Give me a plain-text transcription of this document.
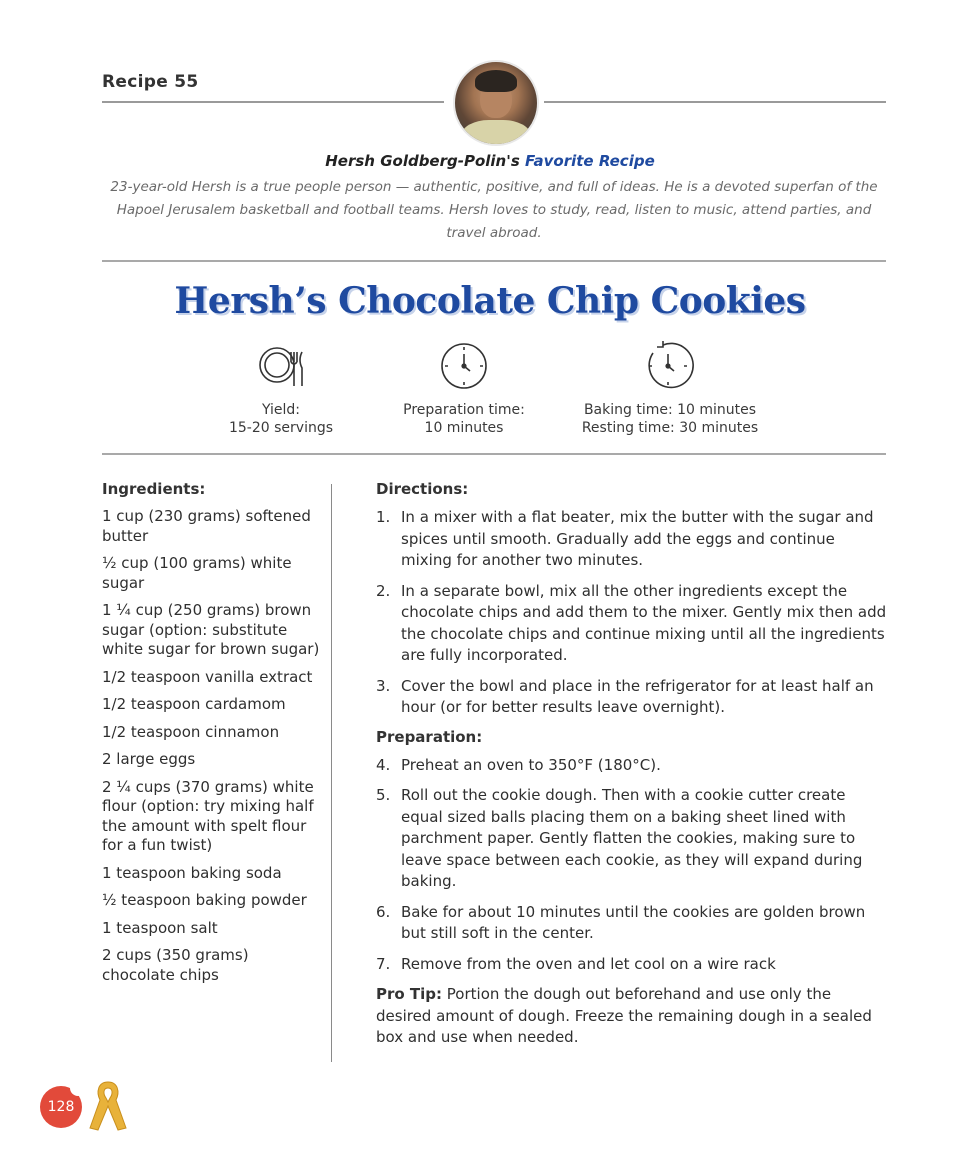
Recipe 55
Hersh Goldberg-Polin's Favorite Recipe
23-year-old Hersh is a true people person — authentic, positive, and full of ideas. He is a devoted superfan of the Hapoel Jerusalem basketball and football teams. Hersh loves to study, read, listen to music, attend parties, and travel abroad.
Hersh’s Chocolate Chip Cookies
Yield:
15-20 servings
Preparation time:
10 minutes
Baking time: 10 minutes
Resting time: 30 minutes
Ingredients:
1 cup (230 grams) softened butter
½ cup (100 grams) white sugar
1 ¼ cup (250 grams) brown sugar (option: substitute white sugar for brown sugar)
1/2 teaspoon vanilla extract
1/2 teaspoon cardamom
1/2 teaspoon cinnamon
2 large eggs
2 ¼ cups (370 grams) white flour (option: try mixing half the amount with spelt flour for a fun twist)
1 teaspoon baking soda
½ teaspoon baking powder
1 teaspoon salt
2 cups (350 grams) chocolate chips
Directions:
1. In a mixer with a flat beater, mix the butter with the sugar and spices until smooth. Gradually add the eggs and continue mixing for another two minutes.
2. In a separate bowl, mix all the other ingredients except the chocolate chips and add them to the mixer. Gently mix then add the chocolate chips and continue mixing until all the ingredients are fully incorporated.
3. Cover the bowl and place in the refrigerator for at least half an hour (or for better results leave overnight).
Preparation:
4. Preheat an oven to 350°F (180°C).
5. Roll out the cookie dough. Then with a cookie cutter create equal sized balls placing them on a baking sheet lined with parchment paper. Gently flatten the cookies, making sure to leave space between each cookie, as they will expand during baking.
6. Bake for about 10 minutes until the cookies are golden brown but still soft in the center.
7. Remove from the oven and let cool on a wire rack
Pro Tip: Portion the dough out beforehand and use only the desired amount of dough. Freeze the remaining dough in a sealed box and use when needed.
128
